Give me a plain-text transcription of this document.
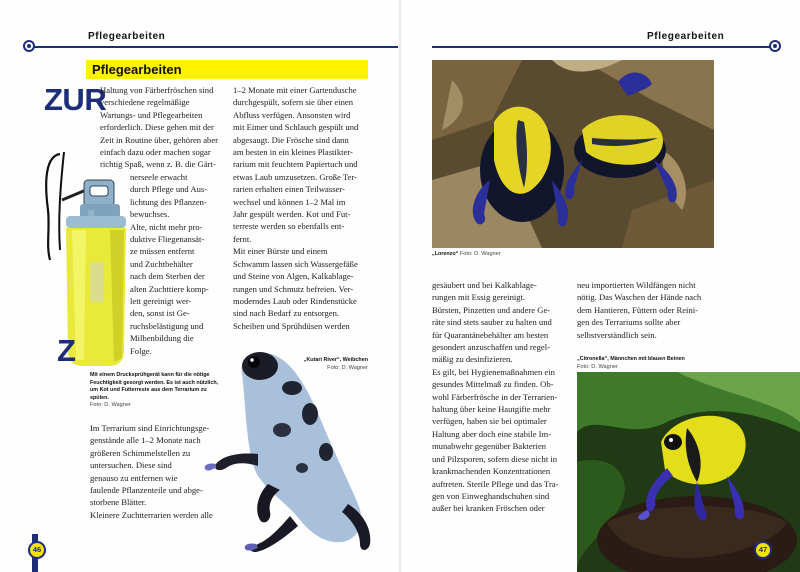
Pflegearbeiten
Pflegearbeiten
ZUR
Haltung von Färberfröschen sind
verschiedene regelmäßige
Wartungs- und Pflegearbeiten
erforderlich. Diese gehen mit der
Zeit in Routine über, gehören aber
einfach dazu oder machen sogar
richtig Spaß, wenn z. B. die Gärt-
nerseele erwacht
durch Pflege und Aus-
lichtung des Pflanzen-
bewuchses.
Alte, nicht mehr pro-
duktive Fliegenansät-
ze müssen entfernt
und Zuchtbehälter
nach dem Sterben der
alten Zuchttiere komp-
lett gereinigt wer-
den, sonst ist Ge-
ruchsbelästigung und
Milbenbildung die
Folge.
Z
Mit einem Drucksprühgerät kann für die nötige Feuchtigkeit gesorgt werden. Es ist auch nützlich, um Kot und Futterreste aus dem Terrarium zu spülen.
Foto: D. Wagner
Im Terrarium sind Einrichtungsge-
genstände alle 1–2 Monate nach
größeren Schimmelstellen zu
untersuchen. Diese sind
genauso zu entfernen wie
faulende Pflanzenteile und abge-
storbene Blätter.
Kleinere Zuchtterrarien werden alle
1–2 Monate mit einer Gartendusche
durchgespült, sofern sie über einen
Abfluss verfügen. Ansonsten wird
mit Eimer und Schlauch gespült und
abgesaugt. Die Frösche sind dann
am besten in ein kleines Plastikter-
rarium mit feuchtem Papiertuch und
etwas Laub umzusetzen. Große Ter-
rarien erhalten einen Teilwasser-
wechsel und können 1–2 Mal im
Jahr gespült werden. Kot und Fut-
terreste werden so ebenfalls ent-
fernt.
Mit einer Bürste und einem
Schwamm lassen sich Wassergefäße
und Steine von Algen, Kalkablage-
rungen und Schmutz befreien. Ver-
moderndes Laub oder Rindenstücke
sind nach Bedarf zu entsorgen.
Scheiben und Sprühdüsen werden
„Kutari River“, Weibchen
Foto: D. Wagner
46
Pflegearbeiten
„Lorenzo“ Foto: D. Wagner
gesäubert und bei Kalkablage-
rungen mit Essig gereinigt.
Bürsten, Pinzetten und andere Ge-
räte sind stets sauber zu halten und
für Quarantänebehälter am besten
gesondert anzuschaffen und regel-
mäßig zu desinfizieren.
Es gilt, bei Hygienemaßnahmen ein
gesundes Mittelmaß zu finden. Ob-
wohl Färberfrösche in der Terrarien-
haltung über keine Hautgifte mehr
verfügen, haben sie bei optimaler
Haltung aber doch eine stabile Im-
munabwehr gegenüber Bakterien
und Pilzsporen, sofern diese nicht in
krankmachenden Konzentrationen
auftreten. Sterile Pflege und das Tra-
gen von Einweghandschuhen sind
außer bei kranken Fröschen oder
neu importierten Wildfängen nicht
nötig. Das Waschen der Hände nach
dem Hantieren, Füttern oder Reini-
gen des Terrariums sollte aber
selbstverständlich sein.
„Citronella“, Männchen mit blauen Beinen
Foto: D. Wagner
47
